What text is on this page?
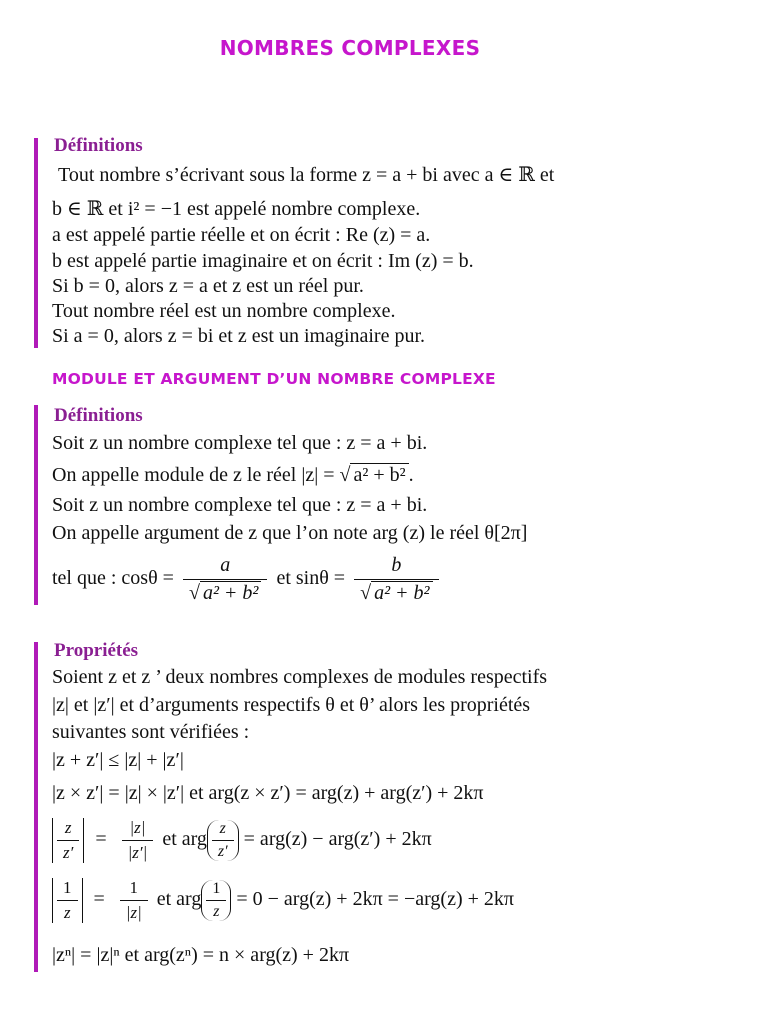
NOMBRES COMPLEXES
Définitions
Tout nombre s’écrivant sous la forme z = a + bi avec a ∈ ℝ et
b ∈ ℝ et i² = −1 est appelé nombre complexe.
a est appelé partie réelle et on écrit : Re (z) = a.
b est appelé partie imaginaire et on écrit : Im (z) = b.
Si b = 0, alors z = a et z est un réel pur.
Tout nombre réel est un nombre complexe.
Si a = 0, alors z = bi et z est un imaginaire pur.
MODULE ET ARGUMENT D’UN NOMBRE COMPLEXE
Définitions
Soit z un nombre complexe tel que : z = a + bi.
On appelle module de z le réel |z| = √ a² + b² .
Soit z un nombre complexe tel que : z = a + bi.
On appelle argument de z que l’on note arg (z) le réel θ[2π]
tel que : $\cos\theta = \frac{a}{\text{√ a² + b²}}$ et $\sin\theta = \frac{b}{\text{√ a² + b²}}$
Propriétés
Soient z et z ’ deux nombres complexes de modules respectifs
|z| et |z′| et d’arguments respectifs θ et θ’ alors les propriétés
suivantes sont vérifiées :
|z + z′| ≤ |z| + |z′|
|z × z′| = |z| × |z′| et arg(z × z′) = arg(z) + arg(z′) + 2kπ
$\frac{z}{z'} = \frac{|z|}{|z'|}$ et arg $\frac{z}{z'} = arg(z) - arg(z') + 2k\pi$
$\frac{1}{z} = \frac{1}{|z|}$ et arg $\frac{1}{z} = 0 - arg(z) + 2k\pi = -arg(z) + 2k\pi$
|zⁿ| = |z|ⁿ et arg(zⁿ) = n × arg(z) + 2kπ
